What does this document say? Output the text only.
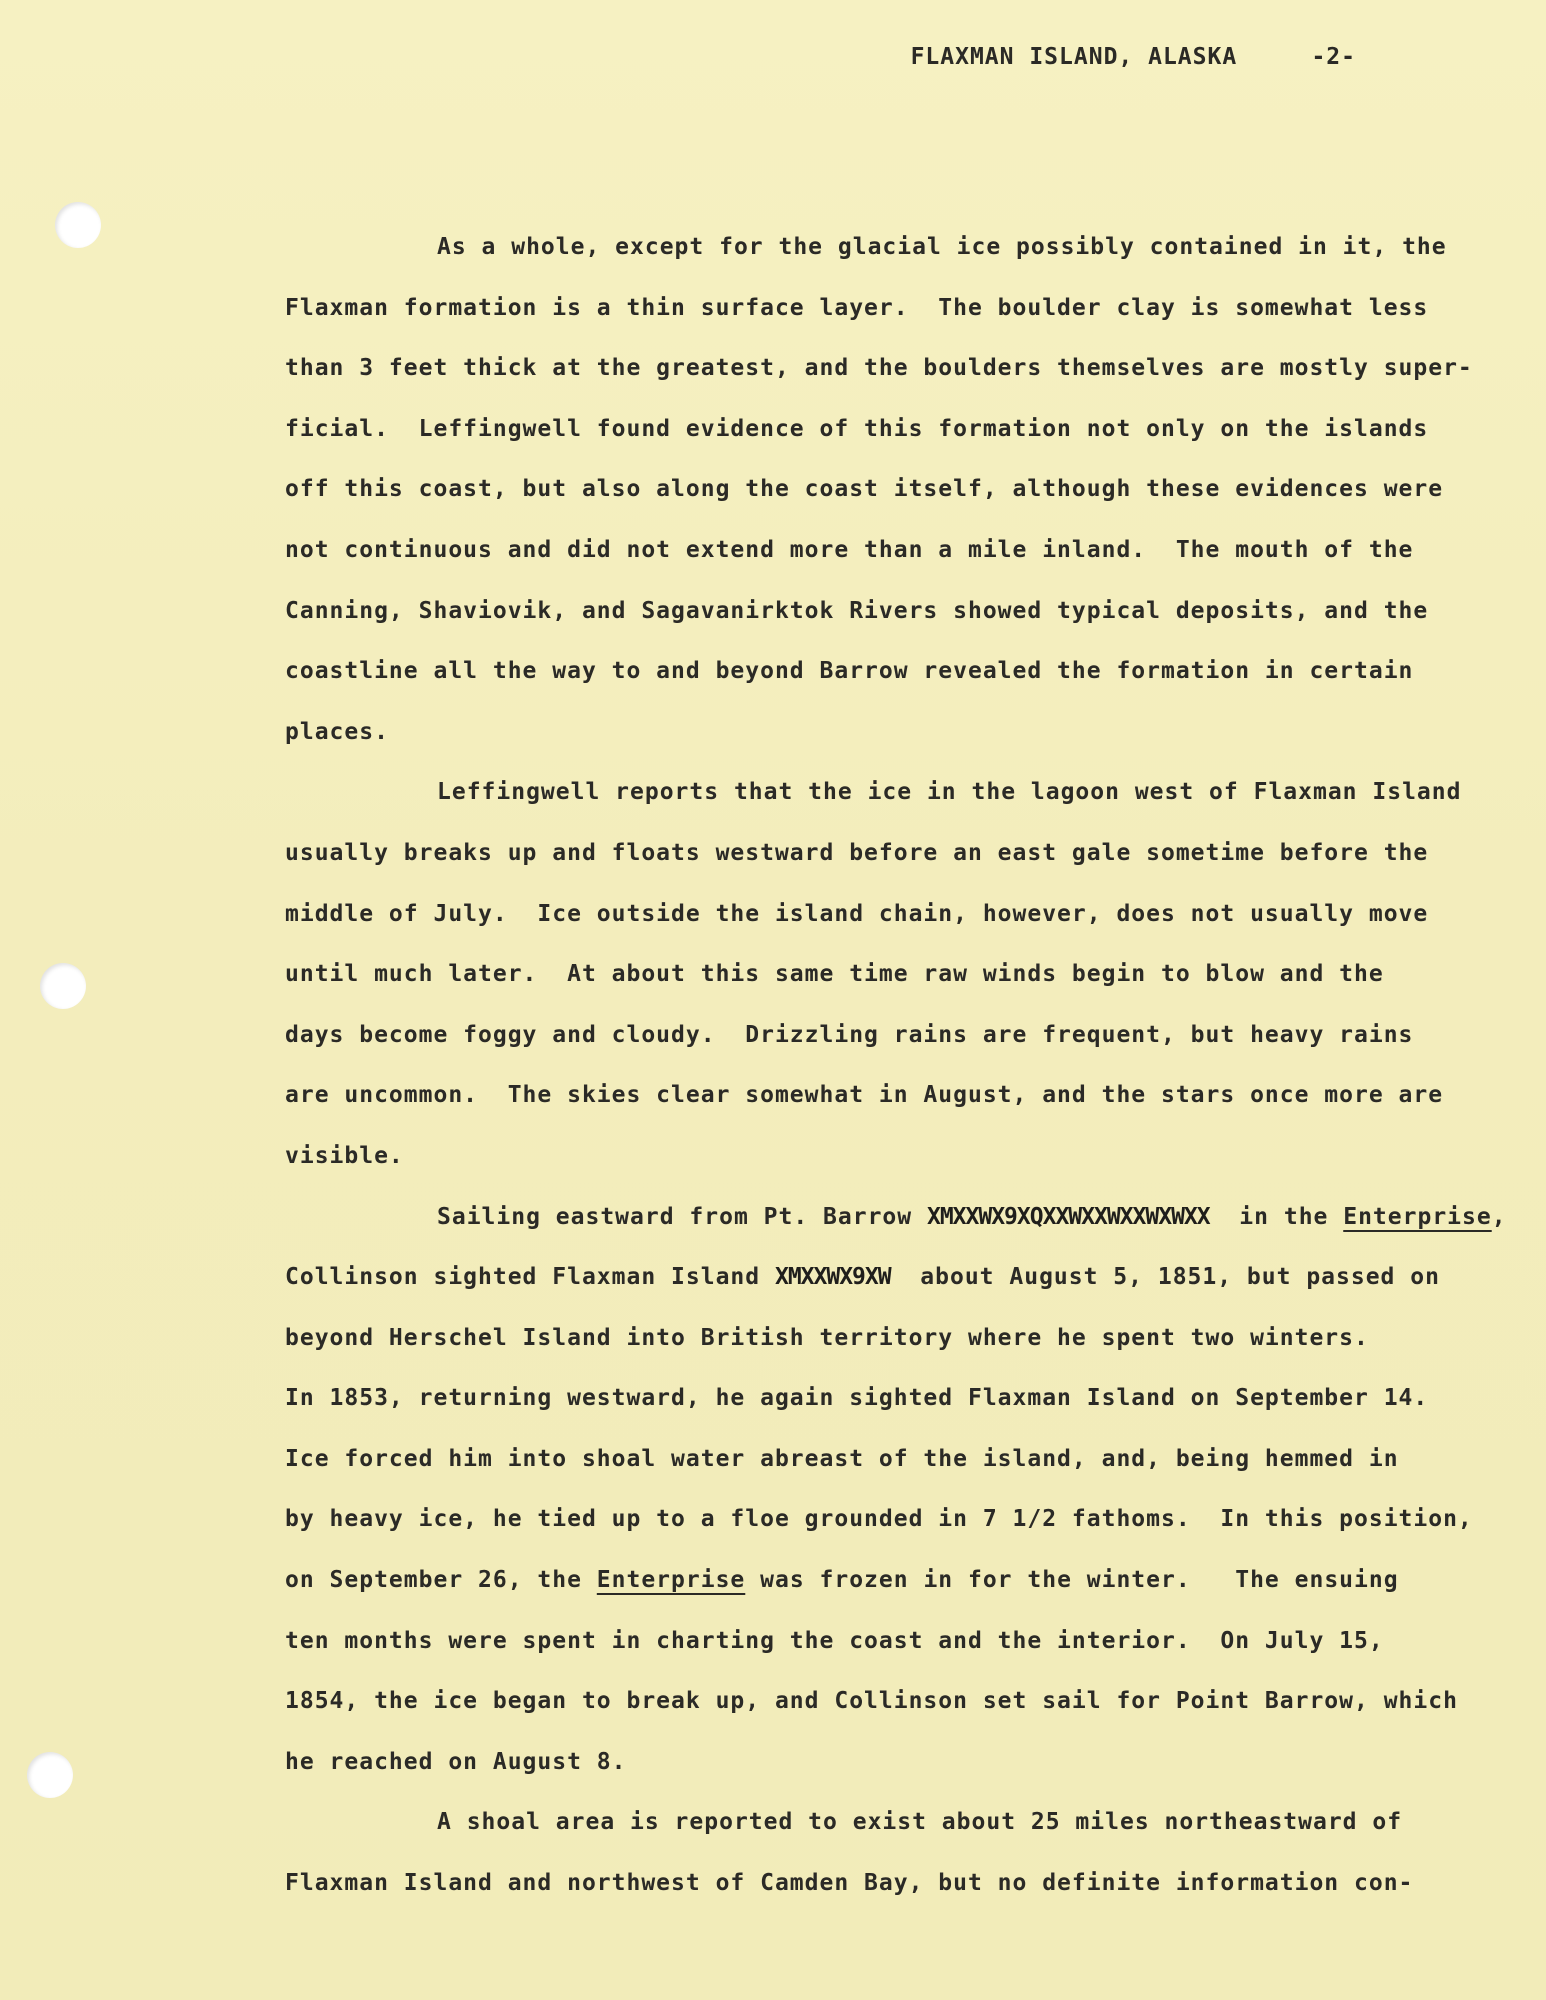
FLAXMAN ISLAND, ALASKA	-2-
As a whole, except for the glacial ice possibly contained in it, the
Flaxman formation is a thin surface layer.  The boulder clay is somewhat less
than 3 feet thick at the greatest, and the boulders themselves are mostly super-
ficial.  Leffingwell found evidence of this formation not only on the islands
off this coast, but also along the coast itself, although these evidences were
not continuous and did not extend more than a mile inland.  The mouth of the
Canning, Shaviovik, and Sagavanirktok Rivers showed typical deposits, and the
coastline all the way to and beyond Barrow revealed the formation in certain
places.
Leffingwell reports that the ice in the lagoon west of Flaxman Island
usually breaks up and floats westward before an east gale sometime before the
middle of July.  Ice outside the island chain, however, does not usually move
until much later.  At about this same time raw winds begin to blow and the
days become foggy and cloudy.  Drizzling rains are frequent, but heavy rains
are uncommon.  The skies clear somewhat in August, and the stars once more are
visible.
Sailing eastward from Pt. Barrow XMXXWX9XQXXWXXWXXWXWXX  in the Enterprise,
Collinson sighted Flaxman Island XMXXWX9XW  about August 5, 1851, but passed on
beyond Herschel Island into British territory where he spent two winters.
In 1853, returning westward, he again sighted Flaxman Island on September 14.
Ice forced him into shoal water abreast of the island, and, being hemmed in
by heavy ice, he tied up to a floe grounded in 7 1/2 fathoms.  In this position,
on September 26, the Enterprise was frozen in for the winter.   The ensuing
ten months were spent in charting the coast and the interior.  On July 15,
1854, the ice began to break up, and Collinson set sail for Point Barrow, which
he reached on August 8.
A shoal area is reported to exist about 25 miles northeastward of
Flaxman Island and northwest of Camden Bay, but no definite information con-
